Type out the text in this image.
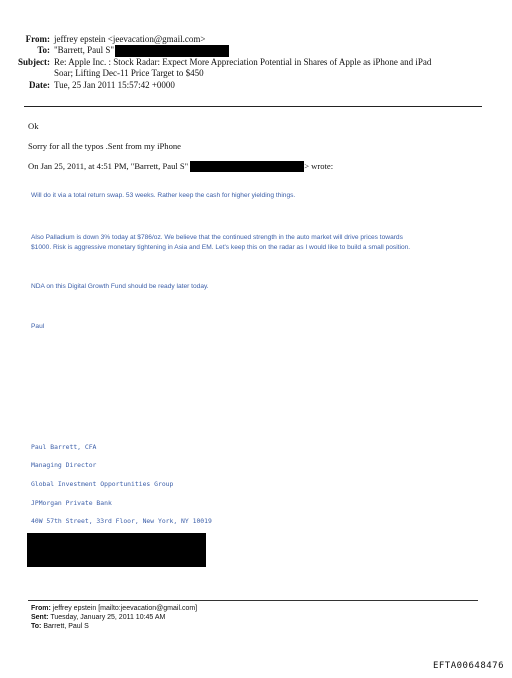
From: jeffrey epstein <jeevacation@gmail.com>
To: "Barrett, Paul S"
Subject: Re: Apple Inc. : Stock Radar: Expect More Appreciation Potential in Shares of Apple as iPhone and iPad
Soar; Lifting Dec-11 Price Target to $450
Date: Tue, 25 Jan 2011 15:57:42 +0000
Ok
Sorry for all the typos .Sent from my iPhone
On Jan 25, 2011, at 4:51 PM, "Barrett, Paul S"	> wrote:
Will do it via a total return swap. 53 weeks. Rather keep the cash for higher yielding things.
Also Palladium is down 3% today at $786/oz. We believe that the continued strength in the auto market will drive prices towards
$1000. Risk is aggressive monetary tightening in Asia and EM. Let's keep this on the radar as I would like to build a small position.
NDA on this Digital Growth Fund should be ready later today.
Paul
Paul Barrett, CFA
Managing Director
Global Investment Opportunities Group
JPMorgan Private Bank
40W 57th Street, 33rd Floor, New York, NY 10019
From: jeffrey epstein [mailto:jeevacation@gmail.com]
Sent: Tuesday, January 25, 2011 10:45 AM
To: Barrett, Paul S
EFTA00648476
